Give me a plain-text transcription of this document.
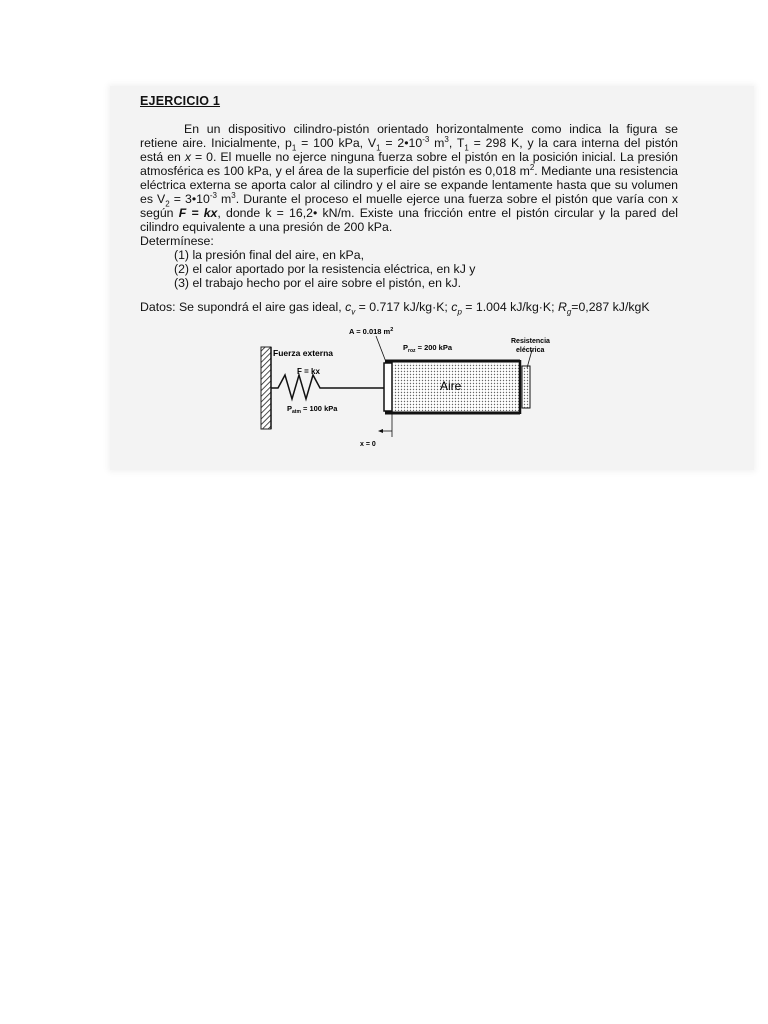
EJERCICIO 1
En un dispositivo cilindro-pistón orientado horizontalmente como indica la figura se
retiene aire. Inicialmente, $p_1 = 100$ kPa, $V_1$ = $2•10^{-3}$ $m^3$, $T_1 = 298$ K, y la cara interna del pistón
está en x = 0. El muelle no ejerce ninguna fuerza sobre el pistón en la posición inicial. La presión
atmosférica es 100 kPa, y el área de la superficie del pistón es 0,018 $m^2$. Mediante una resistencia
eléctrica externa se aporta calor al cilindro y el aire se expande lentamente hasta que su volumen
es $V_2$ = $3•10^{-3}$ $m^3$. Durante el proceso el muelle ejerce una fuerza sobre el pistón que varía con x
según F = kx, donde k = 16,2• kN/m. Existe una fricción entre el pistón circular y la pared del
cilindro equivalente a una presión de 200 kPa.
Determínese:
(1) la presión final del aire, en kPa,
(2) el calor aportado por la resistencia eléctrica, en kJ y
(3) el trabajo hecho por el aire sobre el pistón, en kJ.
Datos: Se supondrá el aire gas ideal, $c_v = 0.717$ kJ/kg·K; $c_p = 1.004$ kJ/kg·K; $R_g=0,287$ kJ/kgK
A = 0.018 $m^2$
Fuerza externa
F = kx
$P_{roz} = 200$ kPa
$P_{atm} = 100$ kPa
Aire
Resistencia
eléctrica
x = 0
